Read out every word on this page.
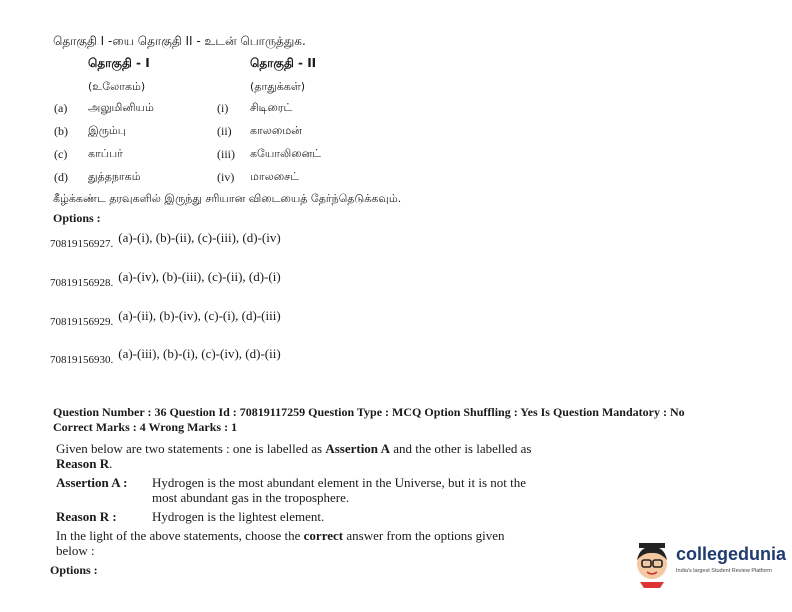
தொகுதி I -யை தொகுதி II - உடன் பொருத்துக.
தொகுதி - I	தொகுதி - II
(உலோகம்)	(தாதுக்கள்)
(a) அலுமினியம்	(i) சிடிரைட்
(b) இரும்பு	(ii) காலமைன்
(c) காப்பர்	(iii) கயோலினைட்
(d) துத்தநாகம்	(iv) மாலசைட்
கீழ்க்கண்ட தரவுகளில் இருந்து சரியான விடையைத் தேர்ந்தெடுக்கவும்.
Options :
70819156927. $^{(a)-(i), (b)-(ii), (c)-(iii), (d)-(iv)}$
70819156928. $^{(a)-(iv), (b)-(iii), (c)-(ii), (d)-(i)}$
70819156929. $^{(a)-(ii), (b)-(iv), (c)-(i), (d)-(iii)}$
70819156930. $^{(a)-(iii), (b)-(i), (c)-(iv), (d)-(ii)}$
Question Number : 36 Question Id : 70819117259 Question Type : MCQ Option Shuffling : Yes Is Question Mandatory : No
Correct Marks : 4 Wrong Marks : 1
Given below are two statements : one is labelled as Assertion A and the other is labelled as
Reason R.
Assertion A : Hydrogen is the most abundant element in the Universe, but it is not the
most abundant gas in the troposphere.
Reason R :	Hydrogen is the lightest element.
In the light of the above statements, choose the correct answer from the options given
below :
Options :
collegedunia
India's largest Student Review Platform
